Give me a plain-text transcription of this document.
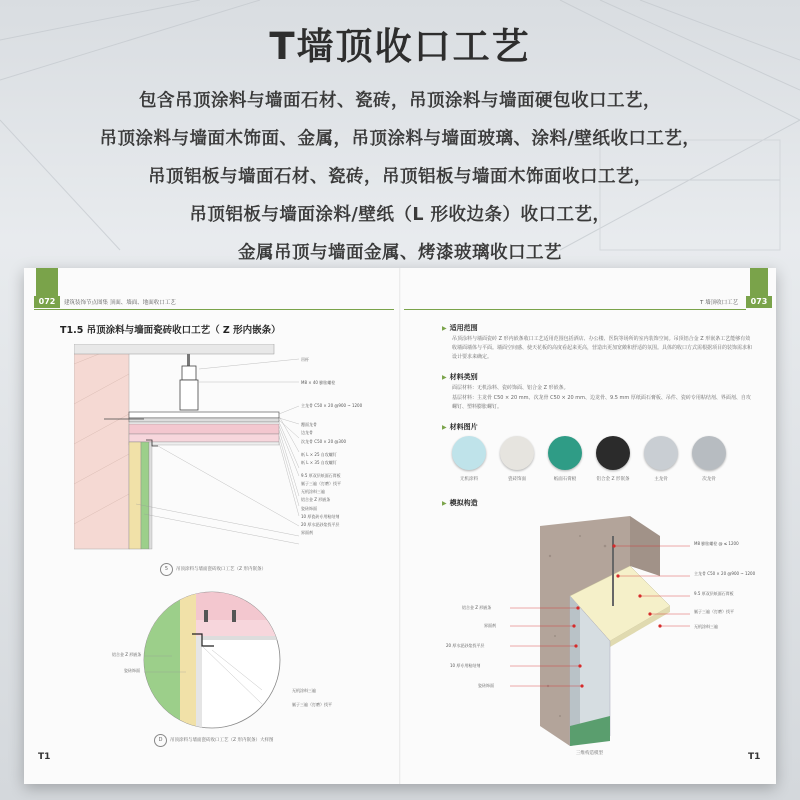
T墙顶收口工艺
包含吊顶涂料与墙面石材、瓷砖，吊顶涂料与墙面硬包收口工艺，
吊顶涂料与墙面木饰面、金属，吊顶涂料与墙面玻璃、涂料/壁纸收口工艺，
吊顶铝板与墙面石材、瓷砖，吊顶铝板与墙面木饰面收口工艺，
吊顶铝板与墙面涂料/壁纸（L 形收边条）收口工艺，
金属吊顶与墙面金属、烤漆玻璃收口工艺
072	建筑装饰节点图集 顶面、墙面、地面收口工艺
T1.5 吊顶涂料与墙面瓷砖收口工艺（ Z 形内嵌条）
吊杆
M8 × 40 膨胀螺栓
主龙骨 C50 × 20 @900 ~ 1200
覆面龙骨
边龙骨
次龙骨 C50 × 20 @300
纸 L × 25 自攻螺钉
纸 L × 35 自攻螺钉
9.5 厚双层纸面石膏板
腻子三遍（打磨）找平
无机涂料三遍
铝合金 Z 形嵌条
瓷砖饰面
10 厚瓷砖专用粘结剂
20 厚水泥砂浆找平层
界面剂
5	吊顶涂料与墙面瓷砖收口工艺（Z 形内嵌条）
铝合金 Z 形嵌条
瓷砖饰面
无机涂料三遍
腻子三遍（打磨）找平
D	吊顶涂料与墙面瓷砖收口工艺（Z 形内嵌条）大样图
T1
073
T 墙顶收口工艺
▶ 适用范围
吊顶涂料与墙面瓷砖 Z 形内嵌条收口工艺适用范围包括酒店、办公楼、医院等场所的室内装饰空间。吊顶铝合金 Z 形嵌条工艺能够有效收墙面墙体与平面。墙面空间感、使天花板的高度看起来更高，营造出更加宽敞和舒适的氛围。具体的收口方式需根据项目的装饰需求和设计要求来确定。
▶ 材料类别
面层材料：无机涂料、瓷砖饰面、铝合金 Z 形嵌条。
基层材料：主龙骨 C50 × 20 mm、次龙骨 C50 × 20 mm、边龙骨、9.5 mm 厚纸面石膏板、吊件、瓷砖专用粘结剂、界面剂、自攻螺钉、塑料膨胀螺钉。
▶ 材料图片
无机涂料	瓷砖饰面	纸面石膏板	铝合金 Z 形嵌条	主龙骨	次龙骨
▶ 模拟构造
铝合金 Z 形嵌条
界面剂
20 厚水泥砂浆找平层
10 厚专用粘结剂
瓷砖饰面
M8 膨胀螺栓 @ ≤ 1200
主龙骨 C50 × 20 @900 ~ 1200
9.5 厚双层纸面石膏板
腻子三遍（打磨）找平
无机涂料三遍
三维构造模型	T1
